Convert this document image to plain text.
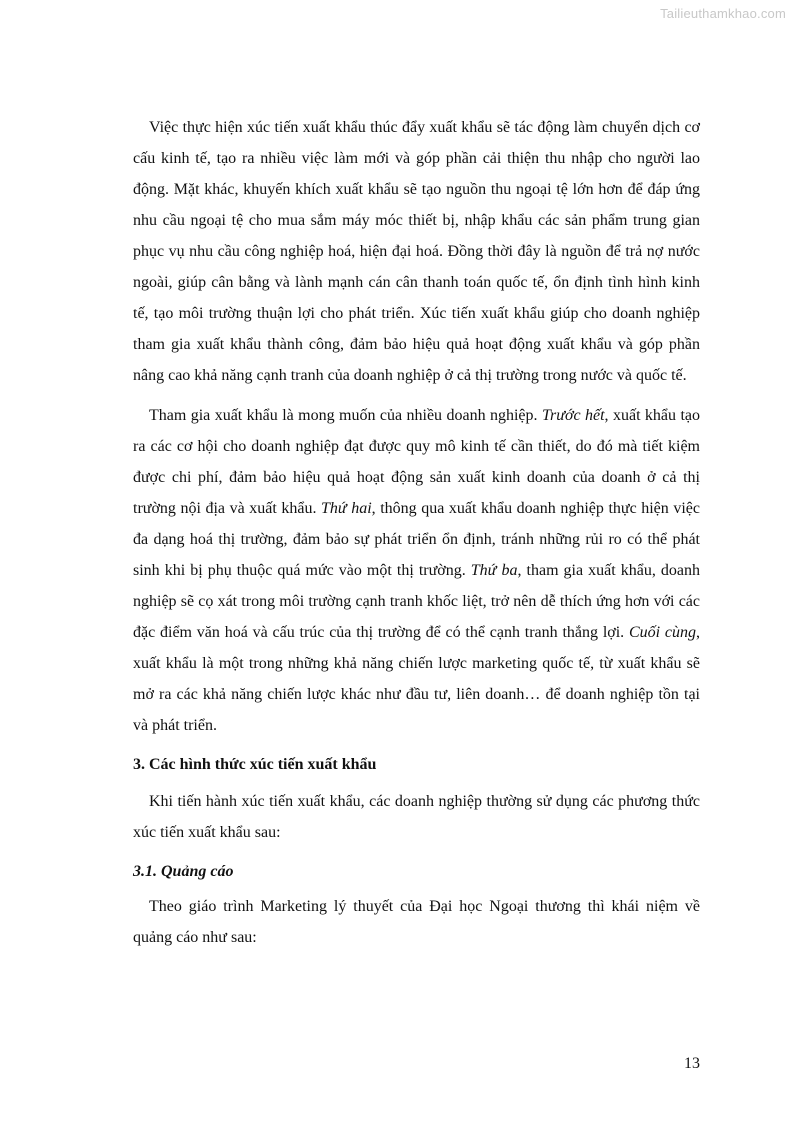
Tailieuthamkhao.com

Việc thực hiện xúc tiến xuất khẩu thúc đẩy xuất khẩu sẽ tác động làm chuyển dịch cơ cấu kinh tế, tạo ra nhiều việc làm mới và góp phần cải thiện thu nhập cho người lao động. Mặt khác, khuyến khích xuất khẩu sẽ tạo nguồn thu ngoại tệ lớn hơn để đáp ứng nhu cầu ngoại tệ cho mua sắm máy móc thiết bị, nhập khẩu các sản phẩm trung gian phục vụ nhu cầu công nghiệp hoá, hiện đại hoá. Đồng thời đây là nguồn để trả nợ nước ngoài, giúp cân bằng và lành mạnh cán cân thanh toán quốc tế, ổn định tình hình kinh tế, tạo môi trường thuận lợi cho phát triển. Xúc tiến xuất khẩu giúp cho doanh nghiệp tham gia xuất khẩu thành công, đảm bảo hiệu quả hoạt động xuất khẩu và góp phần nâng cao khả năng cạnh tranh của doanh nghiệp ở cả thị trường trong nước và quốc tế.

Tham gia xuất khẩu là mong muốn của nhiều doanh nghiệp. Trước hết, xuất khẩu tạo ra các cơ hội cho doanh nghiệp đạt được quy mô kinh tế cần thiết, do đó mà tiết kiệm được chi phí, đảm bảo hiệu quả hoạt động sản xuất kinh doanh của doanh ở cả thị trường nội địa và xuất khẩu. Thứ hai, thông qua xuất khẩu doanh nghiệp thực hiện việc đa dạng hoá thị trường, đảm bảo sự phát triển ổn định, tránh những rủi ro có thể phát sinh khi bị phụ thuộc quá mức vào một thị trường. Thứ ba, tham gia xuất khẩu, doanh nghiệp sẽ cọ xát trong môi trường cạnh tranh khốc liệt, trở nên dễ thích ứng hơn với các đặc điểm văn hoá và cấu trúc của thị trường để có thể cạnh tranh thắng lợi. Cuối cùng, xuất khẩu là một trong những khả năng chiến lược marketing quốc tế, từ xuất khẩu sẽ mở ra các khả năng chiến lược khác như đầu tư, liên doanh… để doanh nghiệp tồn tại và phát triển.

3. Các hình thức xúc tiến xuất khẩu

Khi tiến hành xúc tiến xuất khẩu, các doanh nghiệp thường sử dụng các phương thức xúc tiến xuất khẩu sau:

3.1. Quảng cáo

Theo giáo trình Marketing lý thuyết của Đại học Ngoại thương thì khái niệm về quảng cáo như sau:

13
